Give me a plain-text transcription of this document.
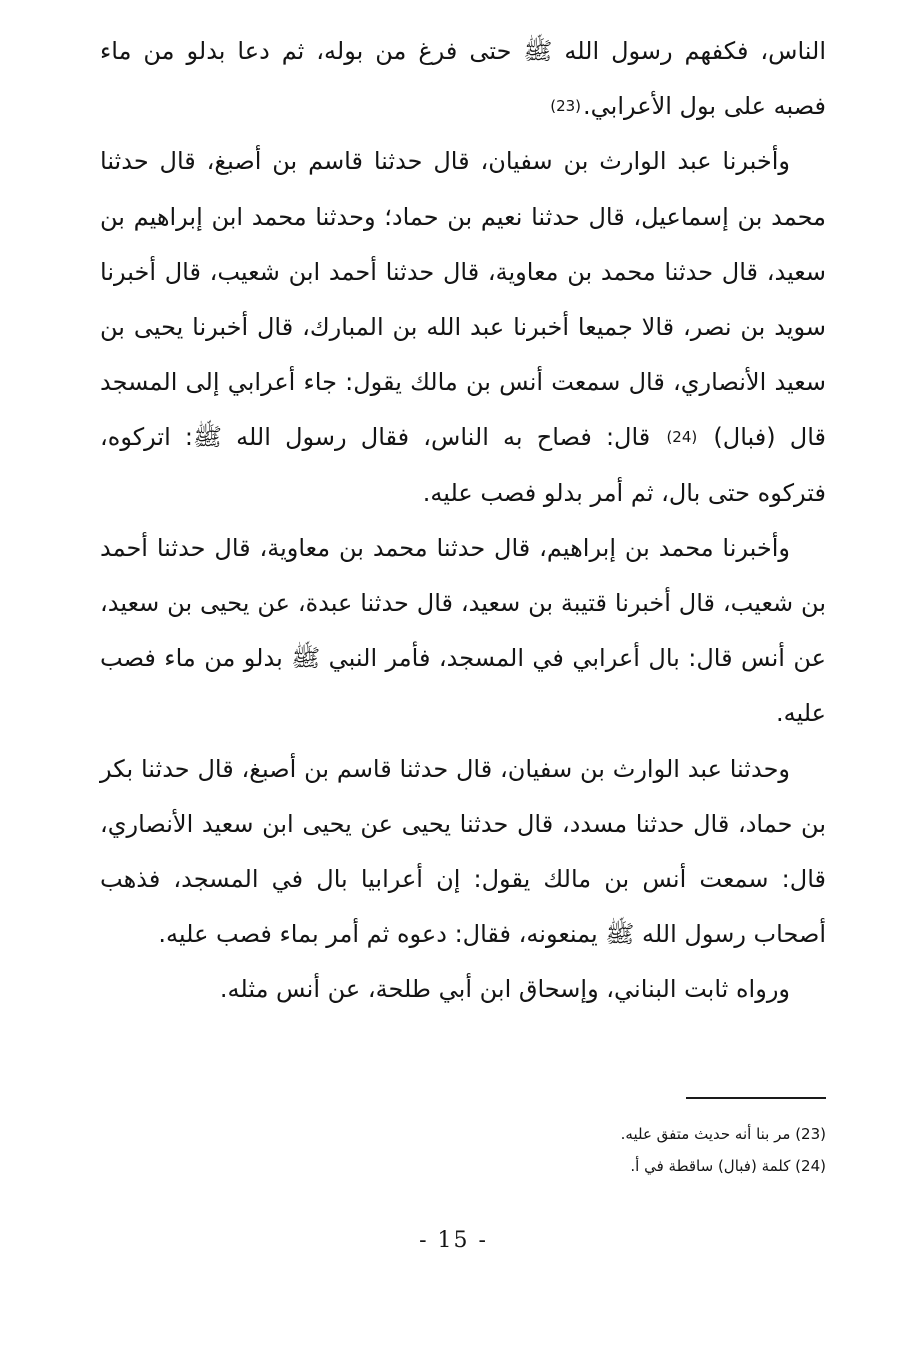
الناس، فكفهم رسول الله ﷺ حتى فرغ من بوله، ثم دعا بدلو من ماء فصبه على بول الأعرابي.(23)

وأخبرنا عبد الوارث بن سفيان، قال حدثنا قاسم بن أصبغ، قال حدثنا محمد بن إسماعيل، قال حدثنا نعيم بن حماد؛ وحدثنا محمد ابن إبراهيم بن سعيد، قال حدثنا محمد بن معاوية، قال حدثنا أحمد ابن شعيب، قال أخبرنا سويد بن نصر، قالا جميعا أخبرنا عبد الله بن المبارك، قال أخبرنا يحيى بن سعيد الأنصاري، قال سمعت أنس بن مالك يقول: جاء أعرابي إلى المسجد قال (فبال) (24) قال: فصاح به الناس، فقال رسول الله ﷺ: اتركوه، فتركوه حتى بال، ثم أمر بدلو فصب عليه.

وأخبرنا محمد بن إبراهيم، قال حدثنا محمد بن معاوية، قال حدثنا أحمد بن شعيب، قال أخبرنا قتيبة بن سعيد، قال حدثنا عبدة، عن يحيى بن سعيد، عن أنس قال: بال أعرابي في المسجد، فأمر النبي ﷺ بدلو من ماء فصب عليه.

وحدثنا عبد الوارث بن سفيان، قال حدثنا قاسم بن أصبغ، قال حدثنا بكر بن حماد، قال حدثنا مسدد، قال حدثنا يحيى عن يحيى ابن سعيد الأنصاري، قال: سمعت أنس بن مالك يقول: إن أعرابيا بال في المسجد، فذهب أصحاب رسول الله ﷺ يمنعونه، فقال: دعوه ثم أمر بماء فصب عليه.

ورواه ثابت البناني، وإسحاق ابن أبي طلحة، عن أنس مثله.

(23) مر بنا أنه حديث متفق عليه.

(24) كلمة (فبال) ساقطة في أ.

- 15 -
